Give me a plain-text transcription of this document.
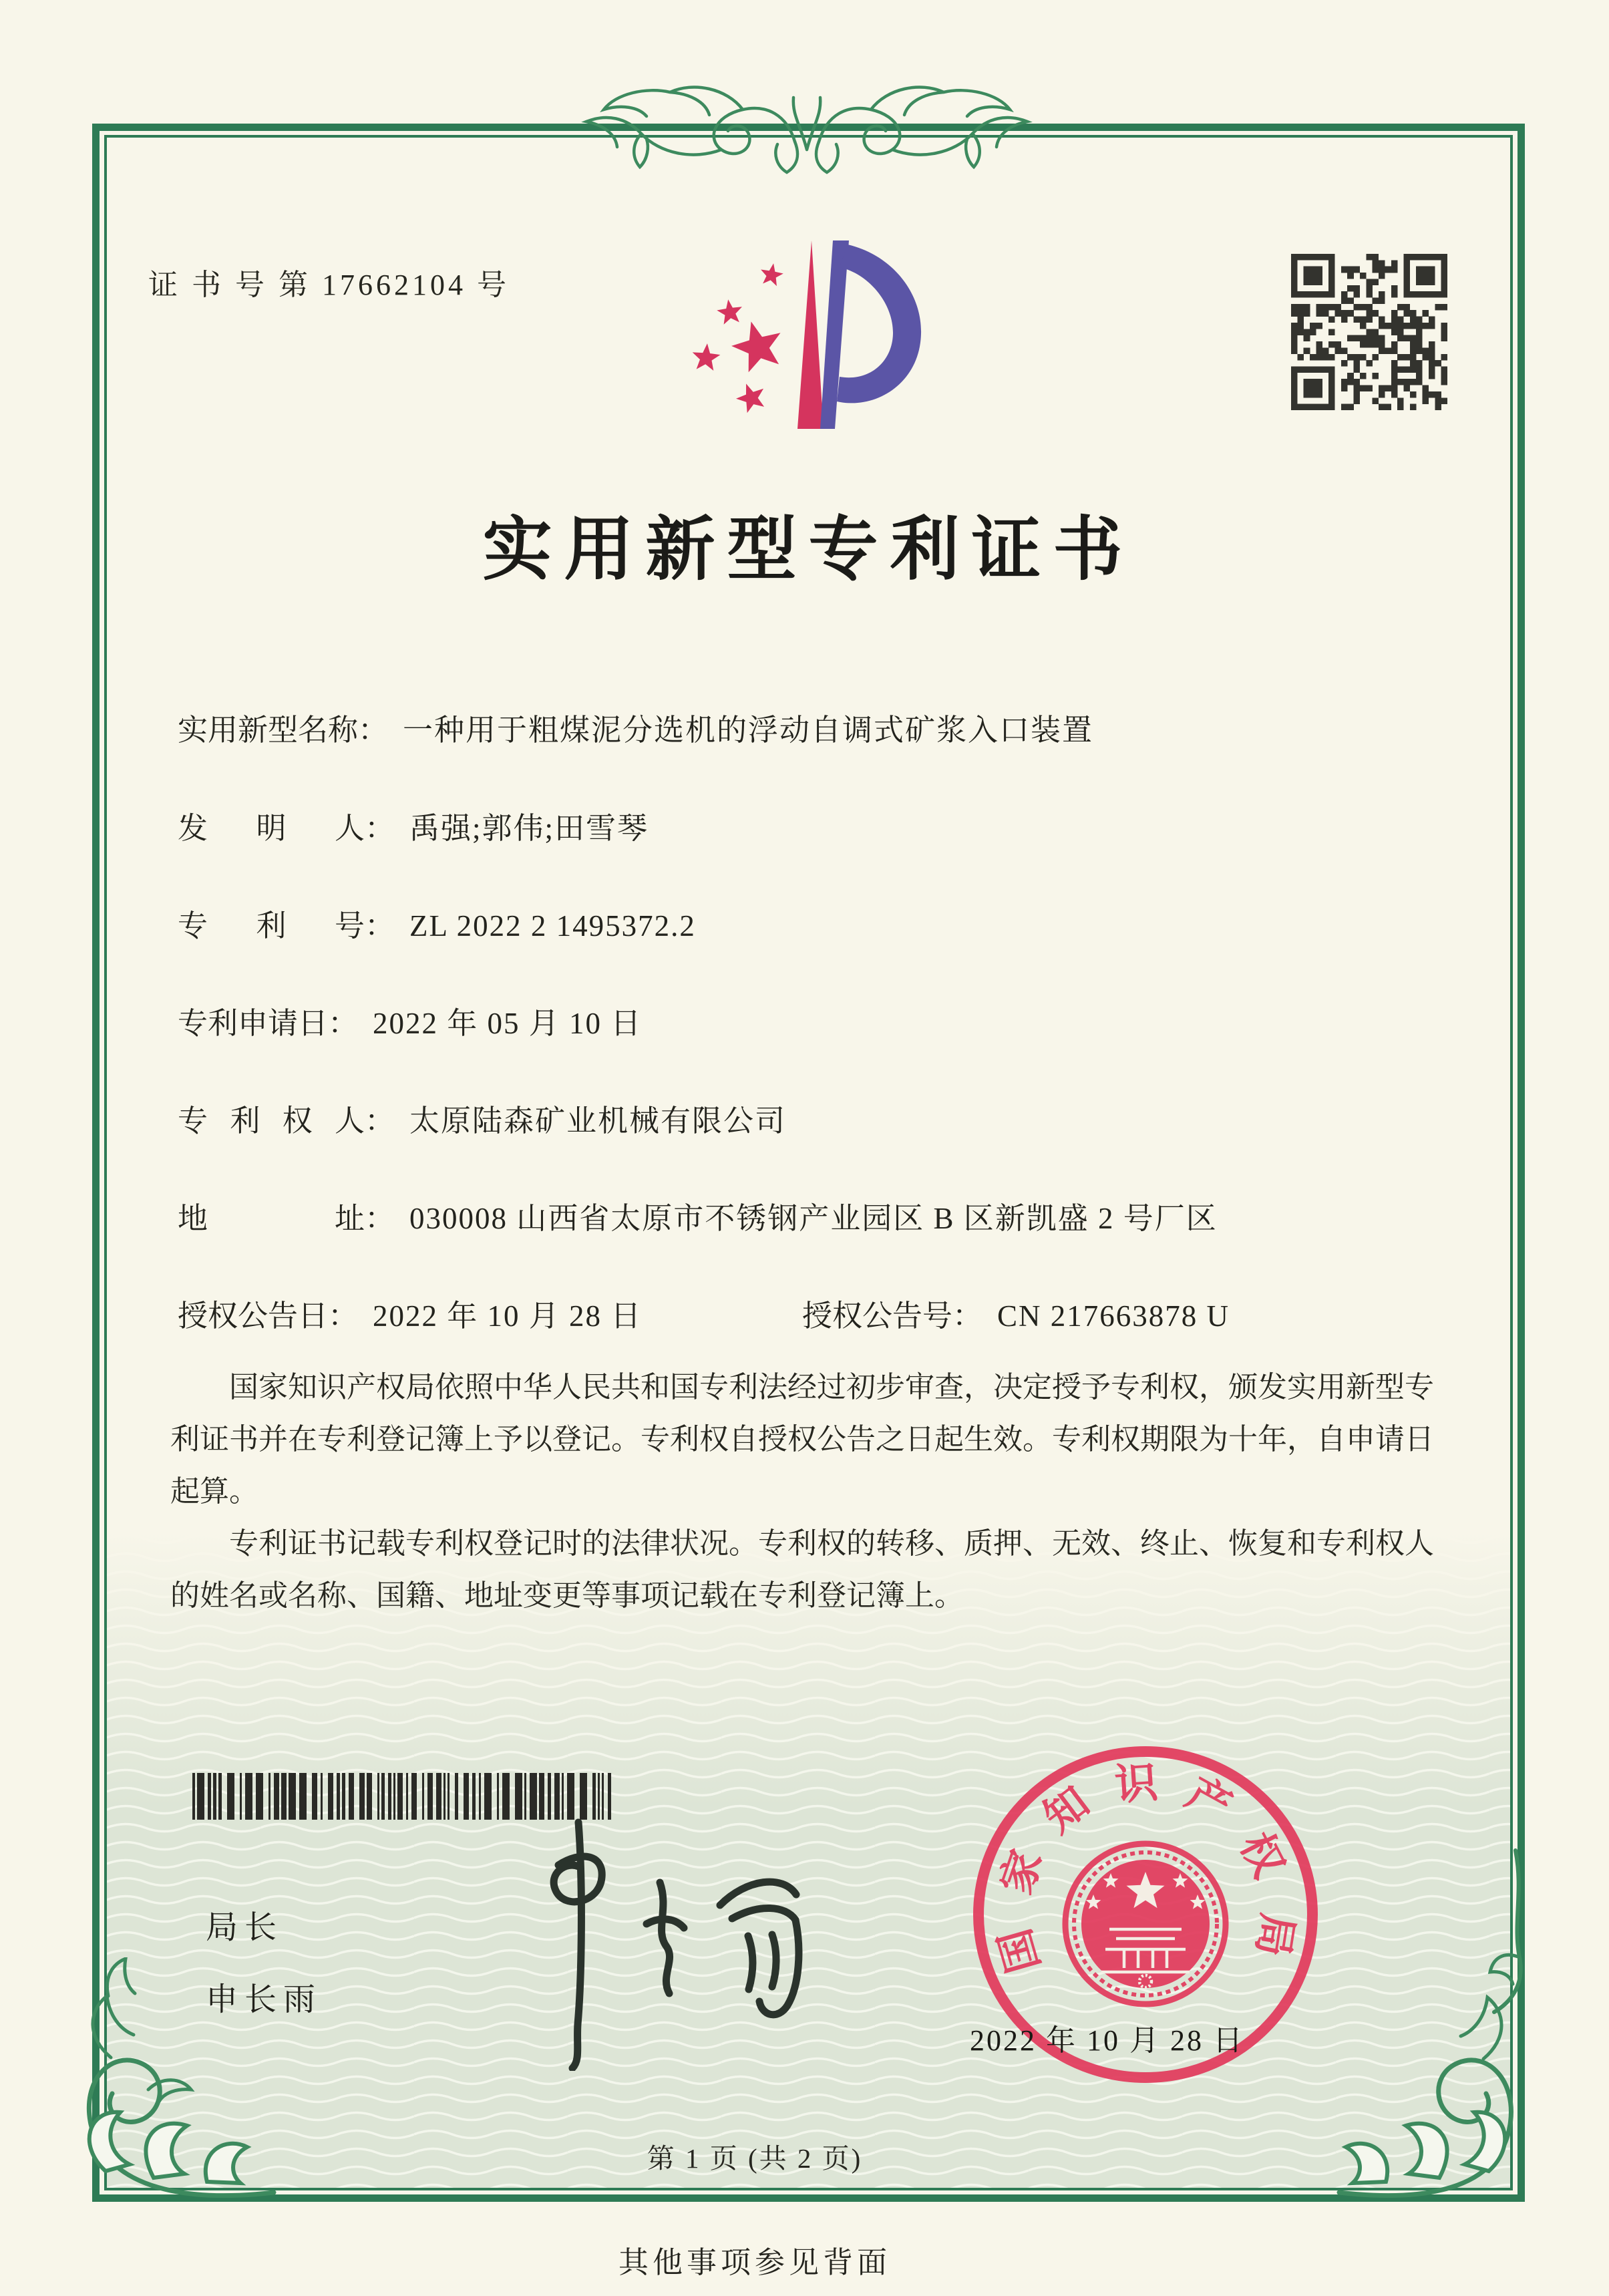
证 书 号 第 17662104 号
实用新型专利证书
实用新型名称： 一种用于粗煤泥分选机的浮动自调式矿浆入口装置
发 明 人 ： 禹强;郭伟;田雪琴
专 利 号 ： ZL 2022 2 1495372.2
专利申请日： 2022 年 05 月 10 日
专 利 权 人 ： 太原陆森矿业机械有限公司
地	址 ： 030008 山西省太原市不锈钢产业园区 B 区新凯盛 2 号厂区
授权公告日： 2022 年 10 月 28 日	授权公告号： CN 217663878 U

国家知识产权局依照中华人民共和国专利法经过初步审查，决定授予专利权，颁发实用新型专利证书并在专利登记簿上予以登记。专利权自授权公告之日起生效。专利权期限为十年，自申请日起算。

专利证书记载专利权登记时的法律状况。专利权的转移、质押、无效、终止、恢复和专利权人的姓名或名称、国籍、地址变更等事项记载在专利登记簿上。

局长
申长雨
国
家
知 识 产
权
局
2022 年 10 月 28 日
第 1 页 (共 2 页)
其他事项参见背面
